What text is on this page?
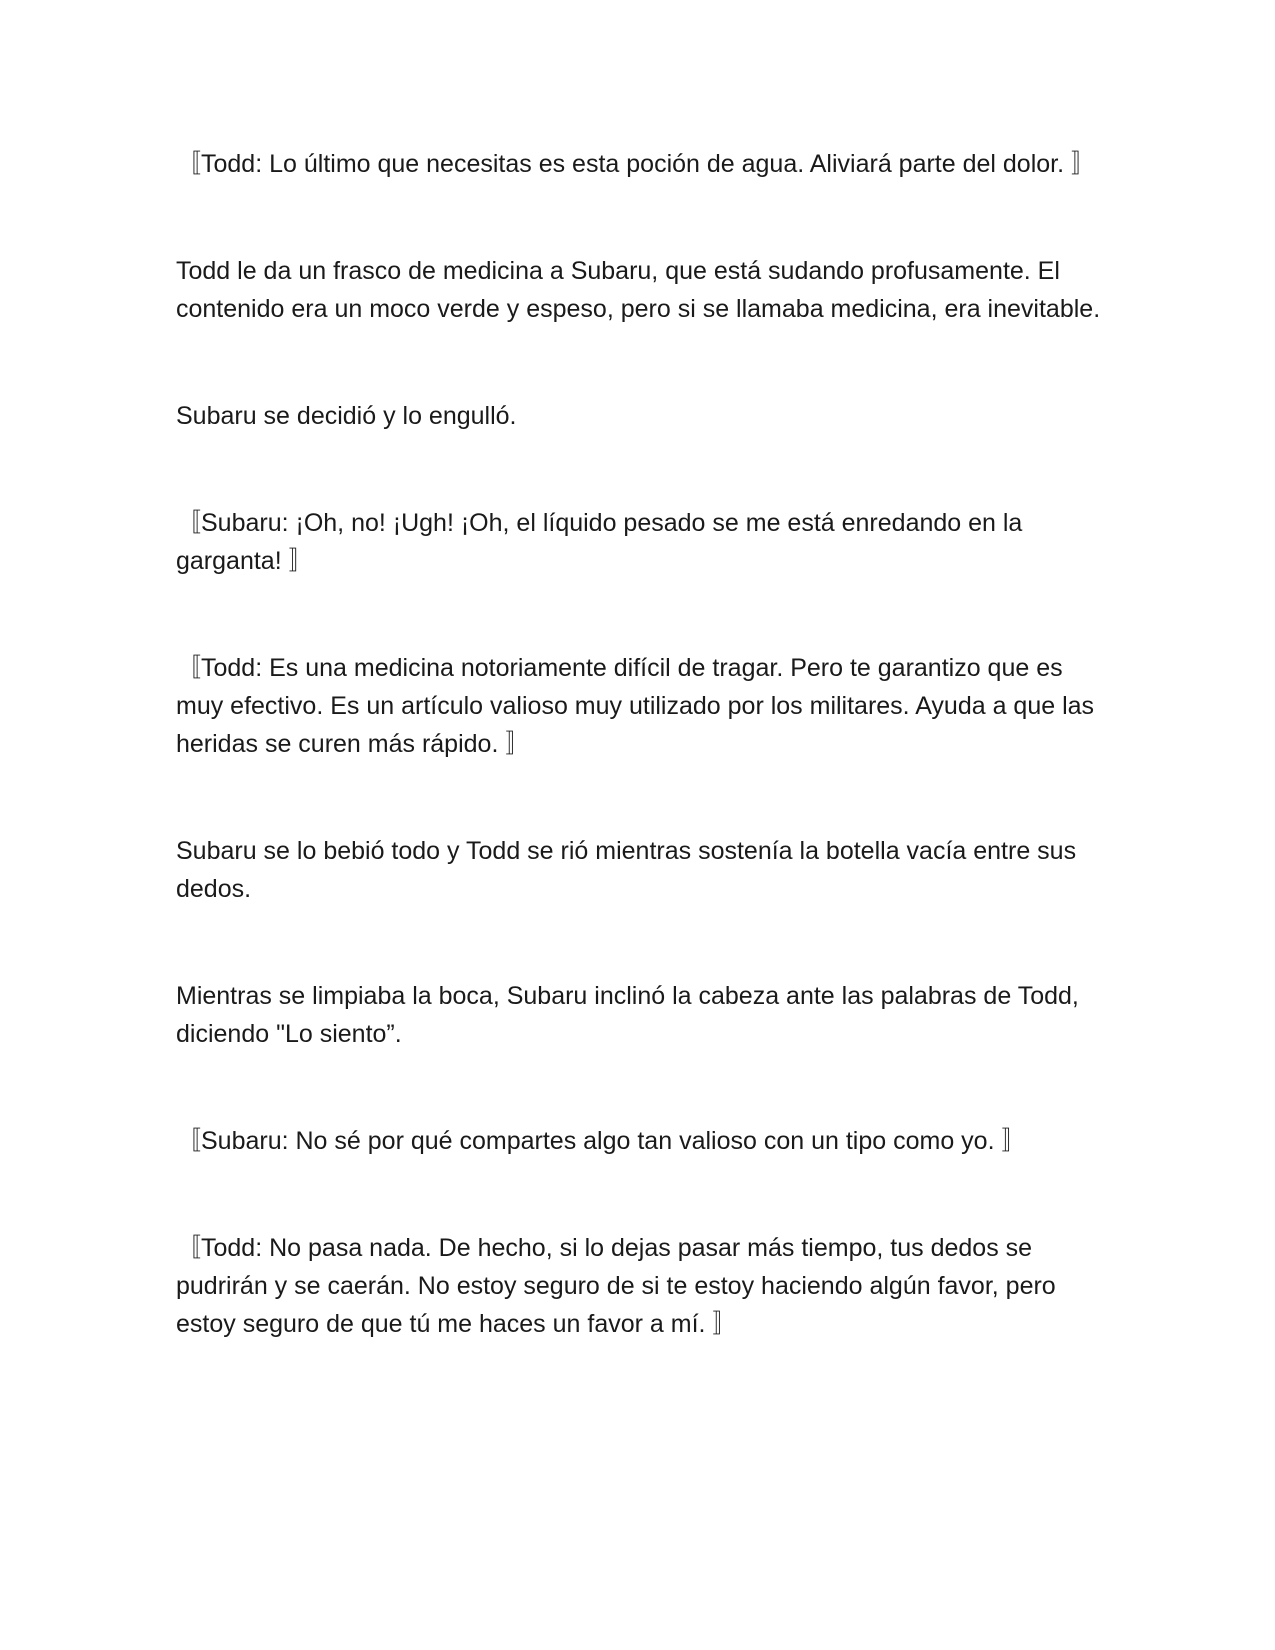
〚Todd: Lo último que necesitas es esta poción de agua. Aliviará parte del dolor. 〛

Todd le da un frasco de medicina a Subaru, que está sudando profusamente. El contenido era un moco verde y espeso, pero si se llamaba medicina, era inevitable.

Subaru se decidió y lo engulló.

〚Subaru: ¡Oh, no! ¡Ugh! ¡Oh, el líquido pesado se me está enredando en la garganta! 〛

〚Todd: Es una medicina notoriamente difícil de tragar. Pero te garantizo que es muy efectivo. Es un artículo valioso muy utilizado por los militares. Ayuda a que las heridas se curen más rápido. 〛

Subaru se lo bebió todo y Todd se rió mientras sostenía la botella vacía entre sus dedos.

Mientras se limpiaba la boca, Subaru inclinó la cabeza ante las palabras de Todd, diciendo "Lo siento”.

〚Subaru: No sé por qué compartes algo tan valioso con un tipo como yo. 〛

〚Todd: No pasa nada. De hecho, si lo dejas pasar más tiempo, tus dedos se pudrirán y se caerán. No estoy seguro de si te estoy haciendo algún favor, pero estoy seguro de que tú me haces un favor a mí. 〛
